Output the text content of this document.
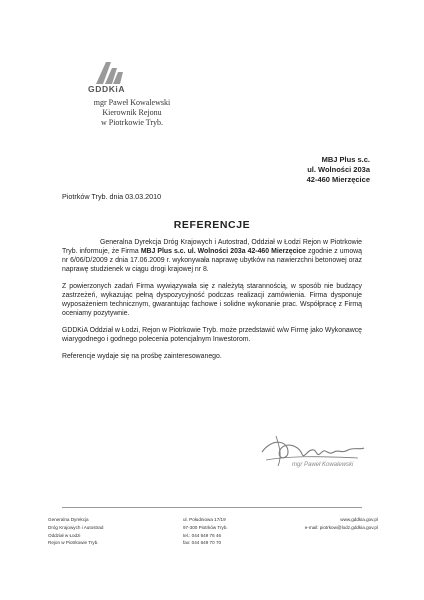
GDDKiA
mgr Paweł Kowalewski
Kierownik Rejonu
w Piotrkowie Tryb.
MBJ Plus s.c.
ul. Wolności 203a
42-460 Mierzęcice
Piotrków Tryb. dnia 03.03.2010
REFERENCJE

Generalna Dyrekcja Dróg Krajowych i Autostrad, Oddział w Łodzi Rejon w Piotrkowie Tryb. informuje, że Firma MBJ Plus s.c. ul. Wolności 203a 42-460 Mierzęcice zgodnie z umową nr 6/06/D/2009 z dnia 17.06.2009 r. wykonywała naprawę ubytków na nawierzchni betonowej oraz naprawę studzienek w ciągu drogi krajowej nr 8.

Z powierzonych zadań Firma wywiązywała się z należytą starannością, w sposób nie budzący zastrzeżeń, wykazując pełną dyspozycyjność podczas realizacji zamówienia. Firma dysponuje wyposażeniem technicznym, gwarantując fachowe i solidne wykonanie prac. Współpracę z Firmą oceniamy pozytywnie.

GDDKiA Oddział w Łodzi, Rejon w Piotrkowie Tryb. może przedstawić w/w Firmę jako Wykonawcę wiarygodnego i godnego polecenia potencjalnym Inwestorom.

Referencje wydaje się na prośbę zainteresowanego.

mgr Paweł Kowalewski
Generalna Dyrekcja
Dróg Krajowych i Autostrad
Oddział w Łodzi
Rejon w Piotrkowie Tryb.
ul. Południowa 17/19
97-300 Piotrków Tryb.
tel.: 044 649 76 46
fax: 044 649 70 70
www.gddkia.gov.pl
e-mail: piotrkow@lodz.gddkia.gov.pl
